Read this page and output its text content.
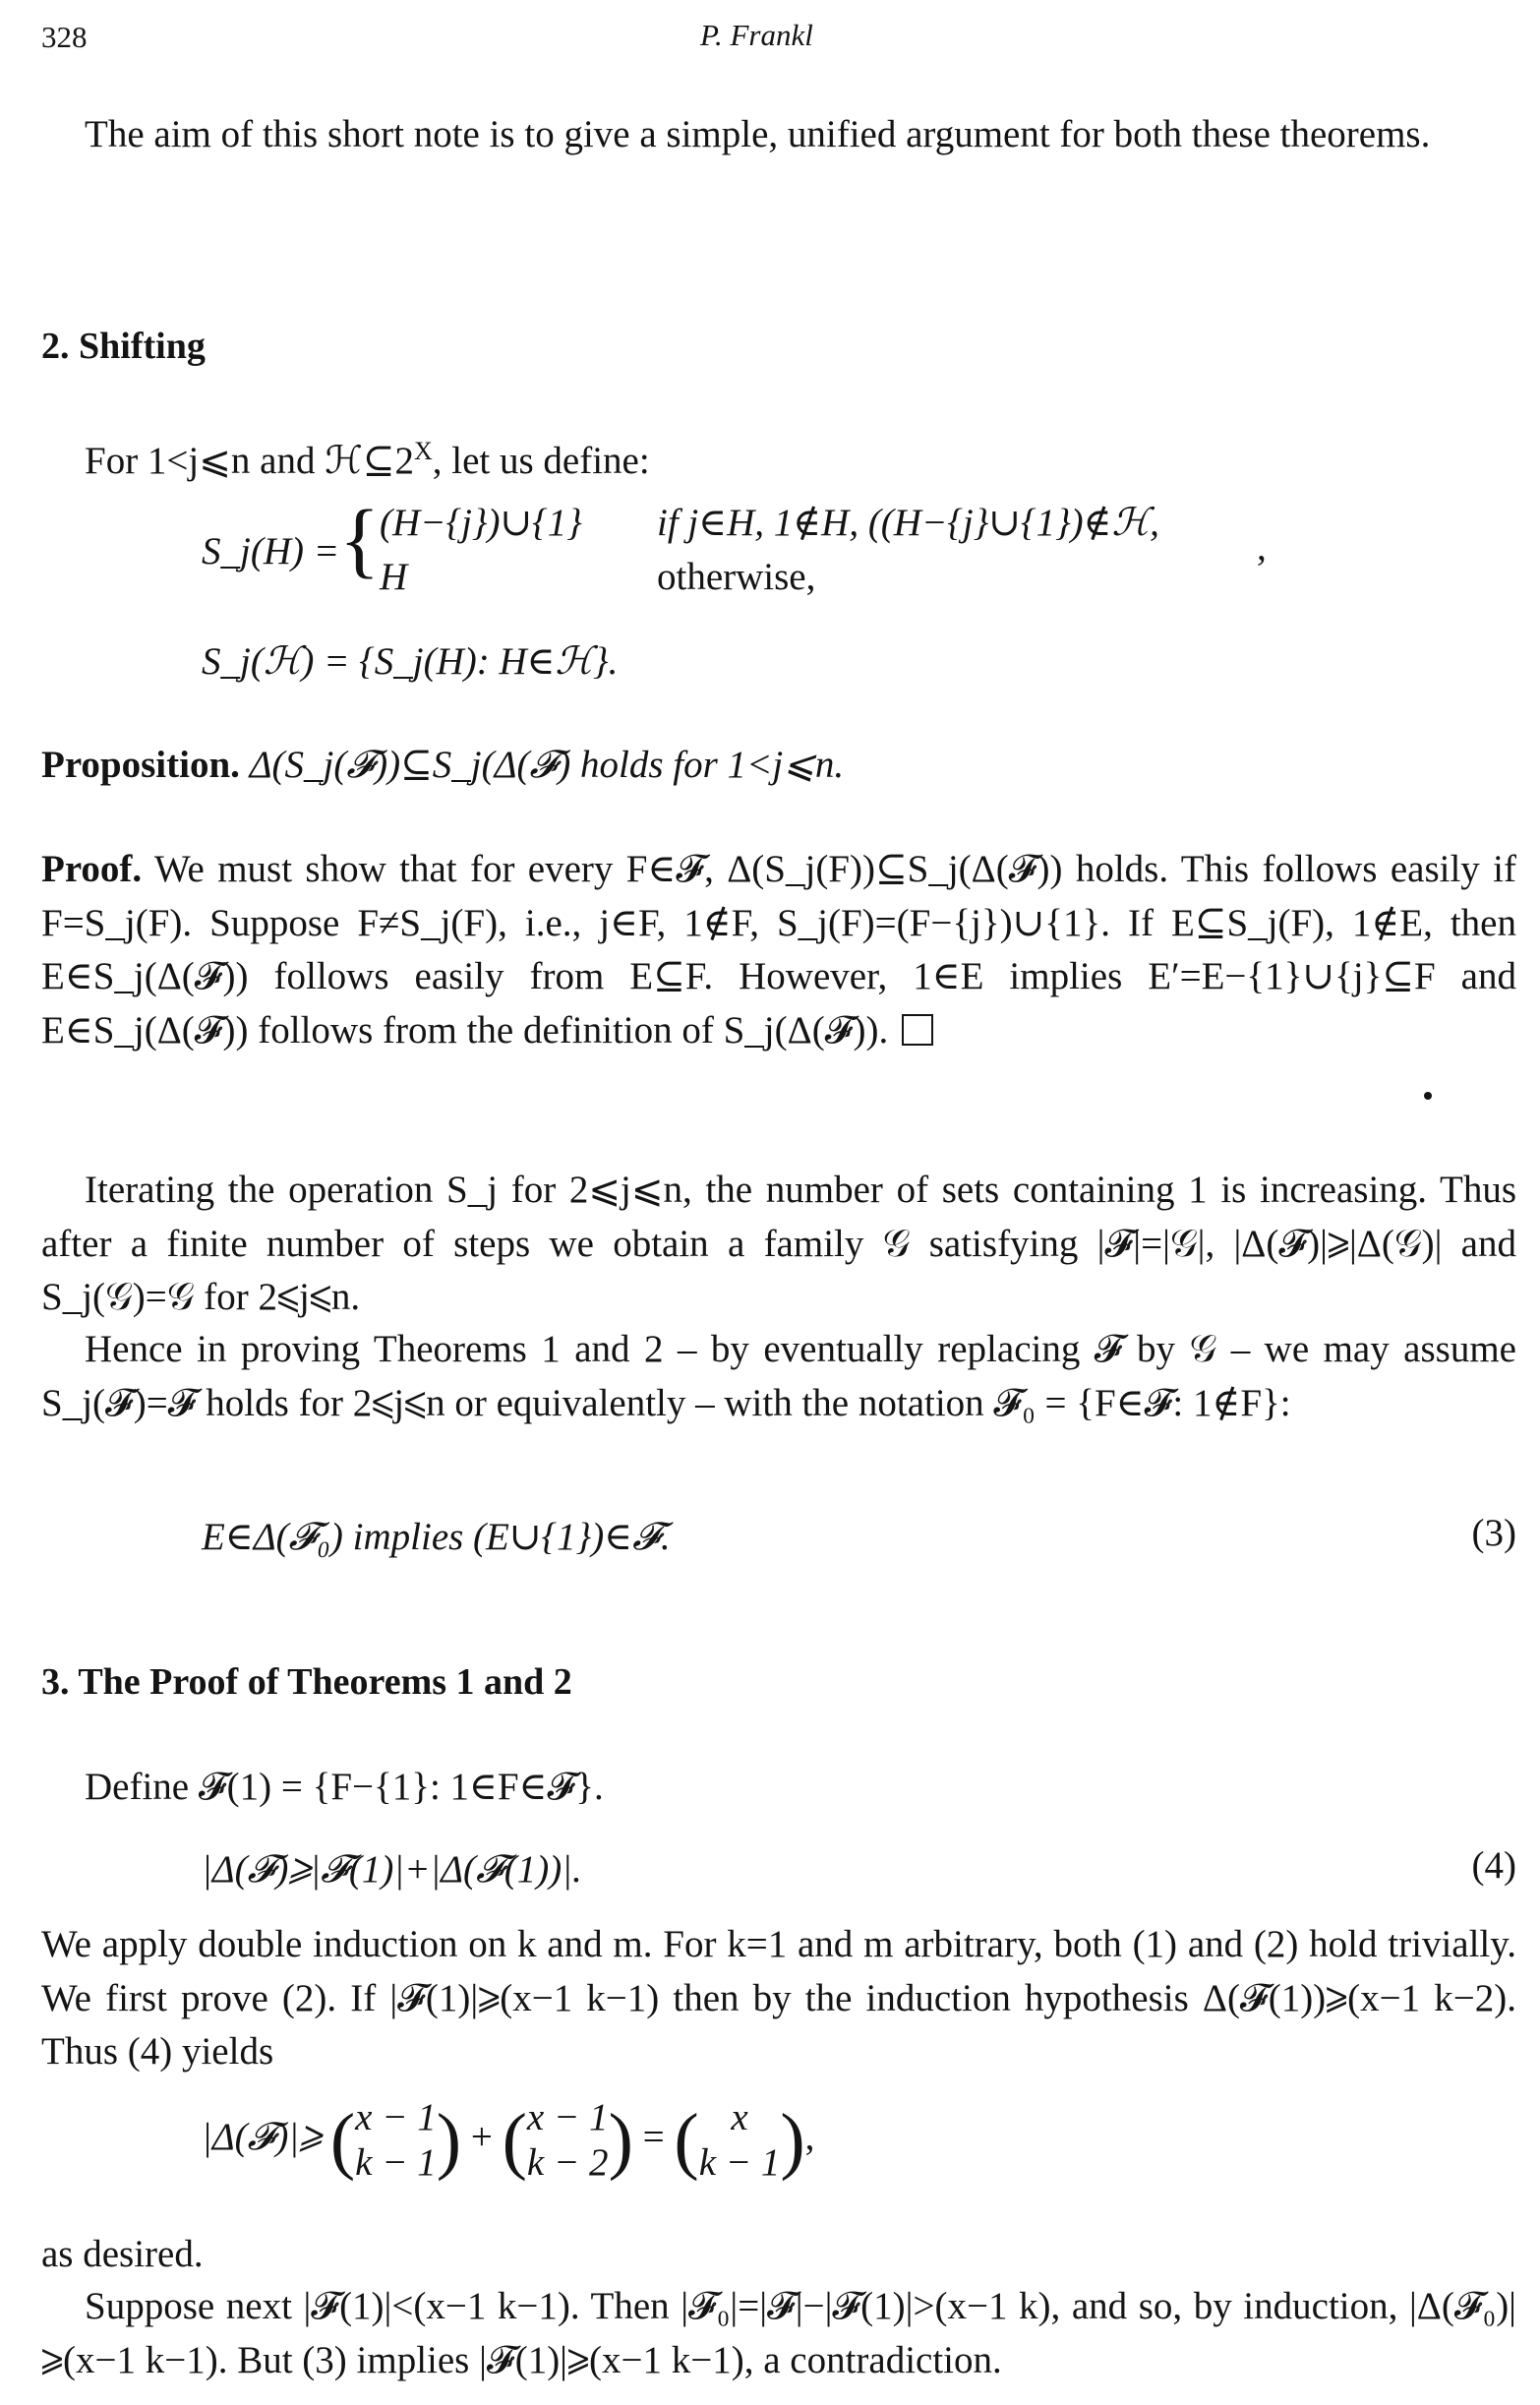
328	P. Frankl
The aim of this short note is to give a simple, unified argument for both these theorems.
2. Shifting
For 1<j⩽n and $ℋ⊆2^X$, let us define:
S_j(H) = { (H−{j})∪{1} if j∈H, 1∉H, ((H−{j}∪{1})∉ℋ,
H	otherwise,
,
S_j(ℋ) = {S_j(H): H∈ℋ}.
Proposition. Δ(S_j(𝓕))⊆S_j(Δ(𝓕) holds for 1<j⩽n.
Proof. We must show that for every F∈𝓕, Δ(S_j(F))⊆S_j(Δ(𝓕)) holds. This follows easily if F=S_j(F). Suppose F≠S_j(F), i.e., j∈F, 1∉F, S_j(F)=(F−{j})∪{1}. If E⊆S_j(F), 1∉E, then E∈S_j(Δ(𝓕)) follows easily from E⊆F. However, 1∈E implies E′=E−{1}∪{j}⊆F and E∈S_j(Δ(𝓕)) follows from the definition of S_j(Δ(𝓕)).
Iterating the operation S_j for 2⩽j⩽n, the number of sets containing 1 is increasing. Thus after a finite number of steps we obtain a family 𝒢 satisfying |𝓕|=|𝒢|, |Δ(𝓕)|⩾|Δ(𝒢)| and S_j(𝒢)=𝒢 for 2⩽j⩽n.
Hence in proving Theorems 1 and 2 – by eventually replacing 𝓕 by 𝒢 – we may assume S_j(𝓕)=𝓕 holds for 2⩽j⩽n or equivalently – with the notation 𝓕₀ = {F∈𝓕: 1∉F}:
E∈Δ(𝓕₀) implies (E∪{1})∈𝓕.	(3)
3. The Proof of Theorems 1 and 2
Define 𝓕(1) = {F−{1}: 1∈F∈𝓕}.
|Δ(𝓕)⩾|𝓕(1)|+|Δ(𝓕(1))|.	(4)
We apply double induction on k and m. For k=1 and m arbitrary, both (1) and (2) hold trivially. We first prove (2). If |𝓕(1)|⩾(x−1 k−1) then by the induction hypothesis Δ(𝓕(1))⩾(x−1 k−2). Thus (4) yields
|Δ(𝓕)|⩾ (x − 1
k − 1) + (x − 1
k − 2) = ( x
k − 1),
as desired.
Suppose next |𝓕(1)|<(x−1 k−1). Then |𝓕₀|=|𝓕|−|𝓕(1)|>(x−1 k), and so, by induction, |Δ(𝓕₀)|⩾(x−1 k−1). But (3) implies |𝓕(1)|⩾(x−1 k−1), a contradiction.
